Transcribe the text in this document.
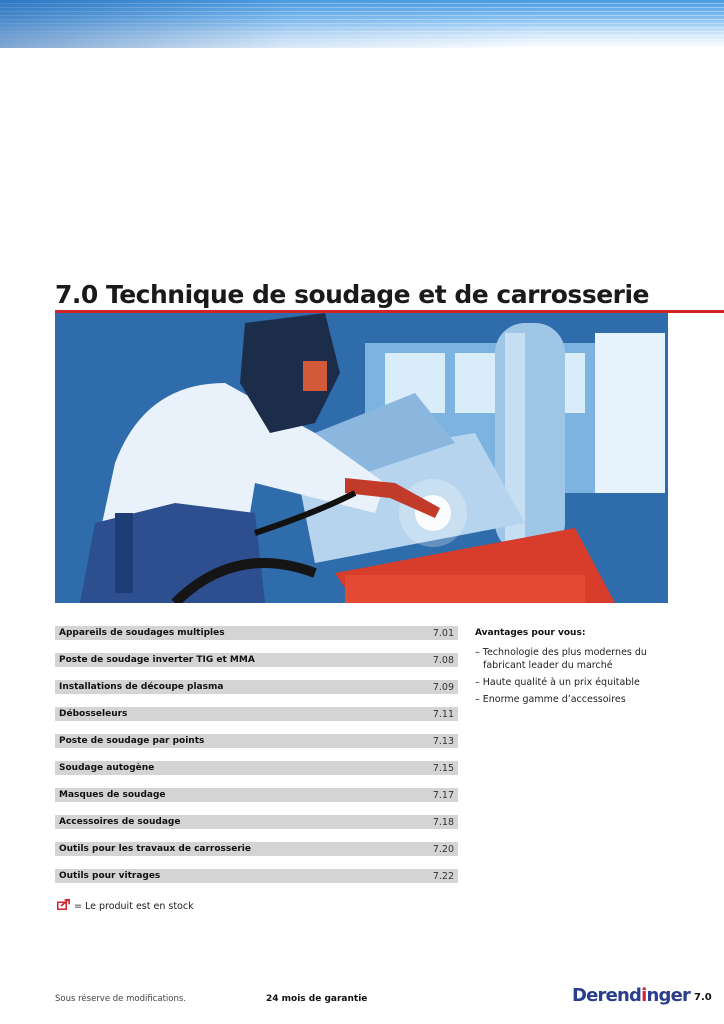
7.0 Technique de soudage et de carrosserie
Appareils de soudages multiples	7.01
Poste de soudage inverter TIG et MMA	7.08
Installations de découpe plasma	7.09
Débosseleurs	7.11
Poste de soudage par points	7.13
Soudage autogène	7.15
Masques de soudage	7.17
Accessoires de soudage	7.18
Outils pour les travaux de carrosserie	7.20
Outils pour vitrages	7.22
Avantages pour vous:
– Technologie des plus modernes du fabricant leader du marché
– Haute qualité à un prix équitable
– Enorme gamme d’accessoires
= Le produit est en stock
Sous réserve de modifications.	24 mois de garantie	Derendinger 7.0
